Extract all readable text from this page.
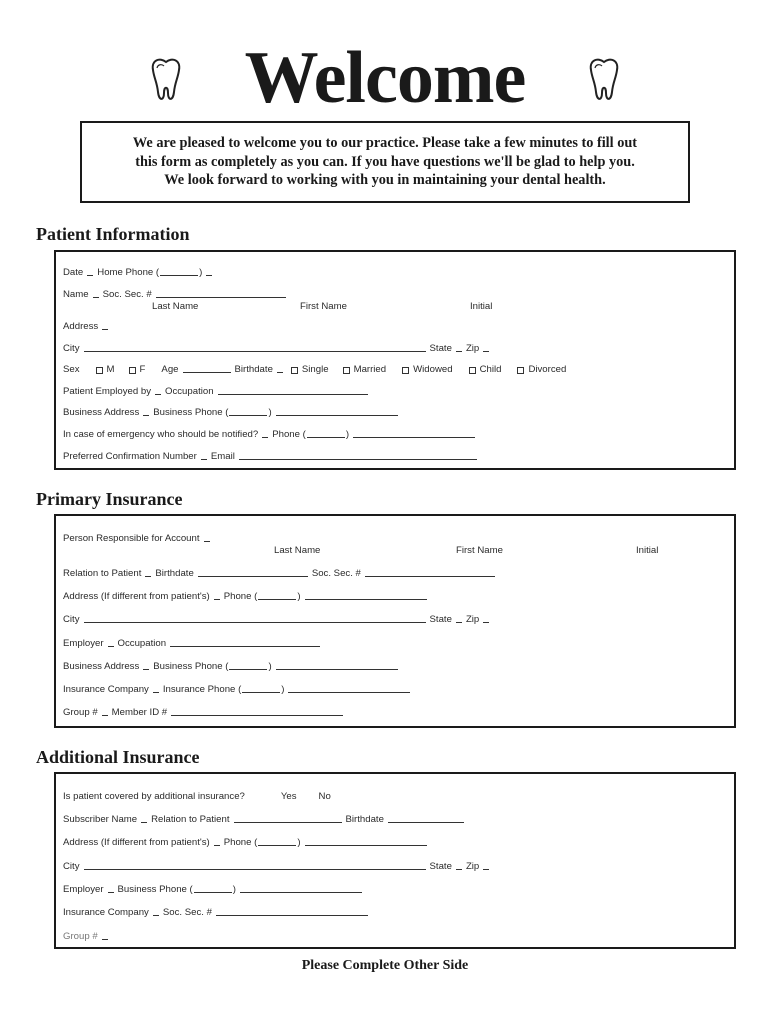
Welcome
We are pleased to welcome you to our practice. Please take a few minutes to fill out
this form as completely as you can. If you have questions we'll be glad to help you.
We look forward to working with you in maintaining your dental health.
Patient Information
Date Home Phone (	)
Name Soc. Sec. #
Last Name	First Name	Initial
Address
City	State Zip
Sex	M	F Age	Birthdate	Single	Married	Widowed	Child	Divorced
Patient Employed by Occupation
Business Address Business Phone (	)
In case of emergency who should be notified? Phone (	)
Preferred Confirmation Number Email
Primary Insurance
Person Responsible for Account
Last Name	First Name	Initial
Relation to Patient Birthdate	Soc. Sec. #
Address (If different from patient's) Phone (	)
City	State Zip
Employer Occupation
Business Address Business Phone (	)
Insurance Company Insurance Phone (	)
Group # Member ID #
Additional Insurance
Is patient covered by additional insurance?	Yes No
Subscriber Name Relation to Patient	Birthdate
Address (If different from patient's) Phone (	)
City	State Zip
Employer Business Phone (	)
Insurance Company Soc. Sec. #
Group #
Please Complete Other Side
